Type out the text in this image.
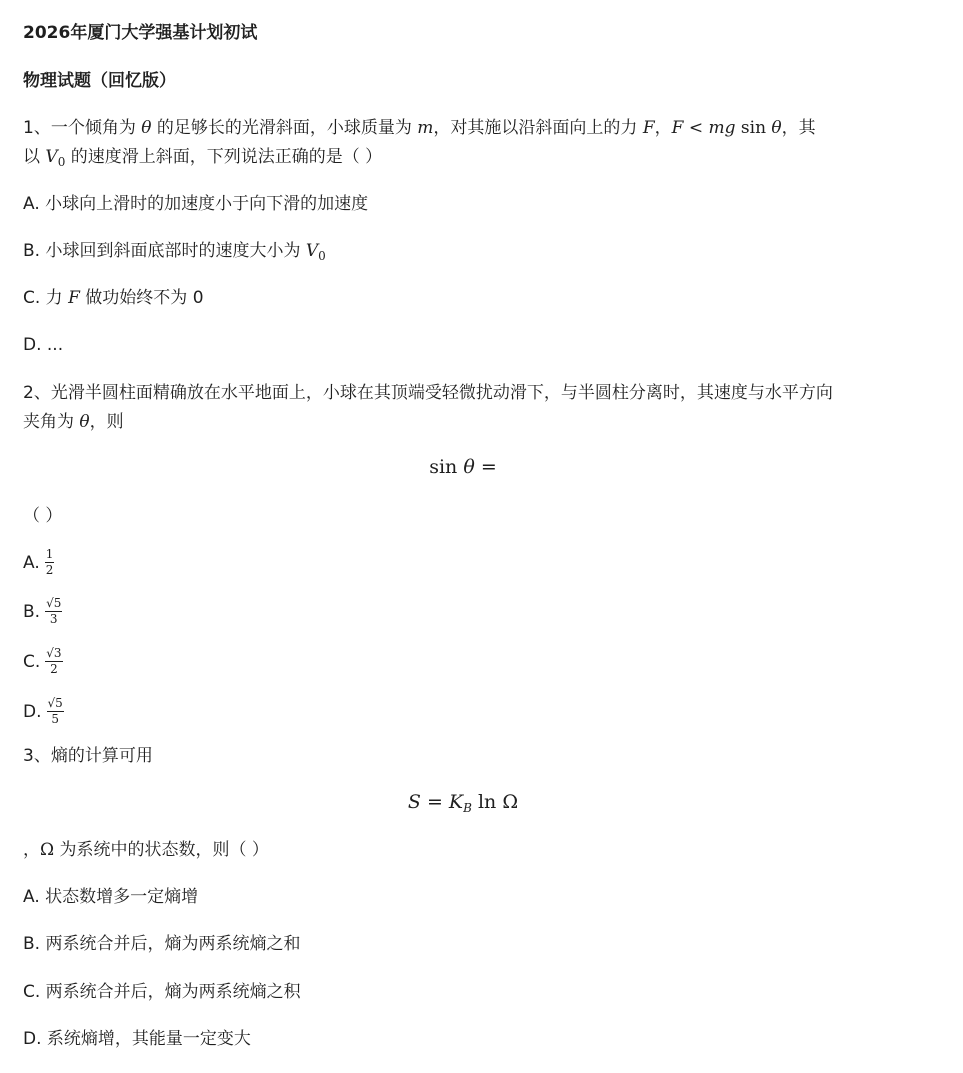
2026年厦门大学强基计划初试
物理试题（回忆版）
1、一个倾角为 θ 的足够长的光滑斜面，小球质量为 m，对其施以沿斜面向上的力 F，F < mg sin θ，其
以 $V_0$ 的速度滑上斜面，下列说法正确的是（ ）
A. 小球向上滑时的加速度小于向下滑的加速度
B. 小球回到斜面底部时的速度大小为 $V_0$
C. 力 F 做功始终不为 0
D. ...
2、光滑半圆柱面精确放在水平地面上，小球在其顶端受轻微扰动滑下，与半圆柱分离时，其速度与水平方向
夹角为 θ，则
sin θ =
（ ）
A. $\frac{1}{2}$
B. $\frac{√5}{3}$
C. $\frac{√3}{2}$
D. $\frac{√5}{5}$
3、熵的计算可用
$S = K_B$ ln Ω
，Ω 为系统中的状态数，则（ ）
A. 状态数增多一定熵增
B. 两系统合并后，熵为两系统熵之和
C. 两系统合并后，熵为两系统熵之积
D. 系统熵增，其能量一定变大
